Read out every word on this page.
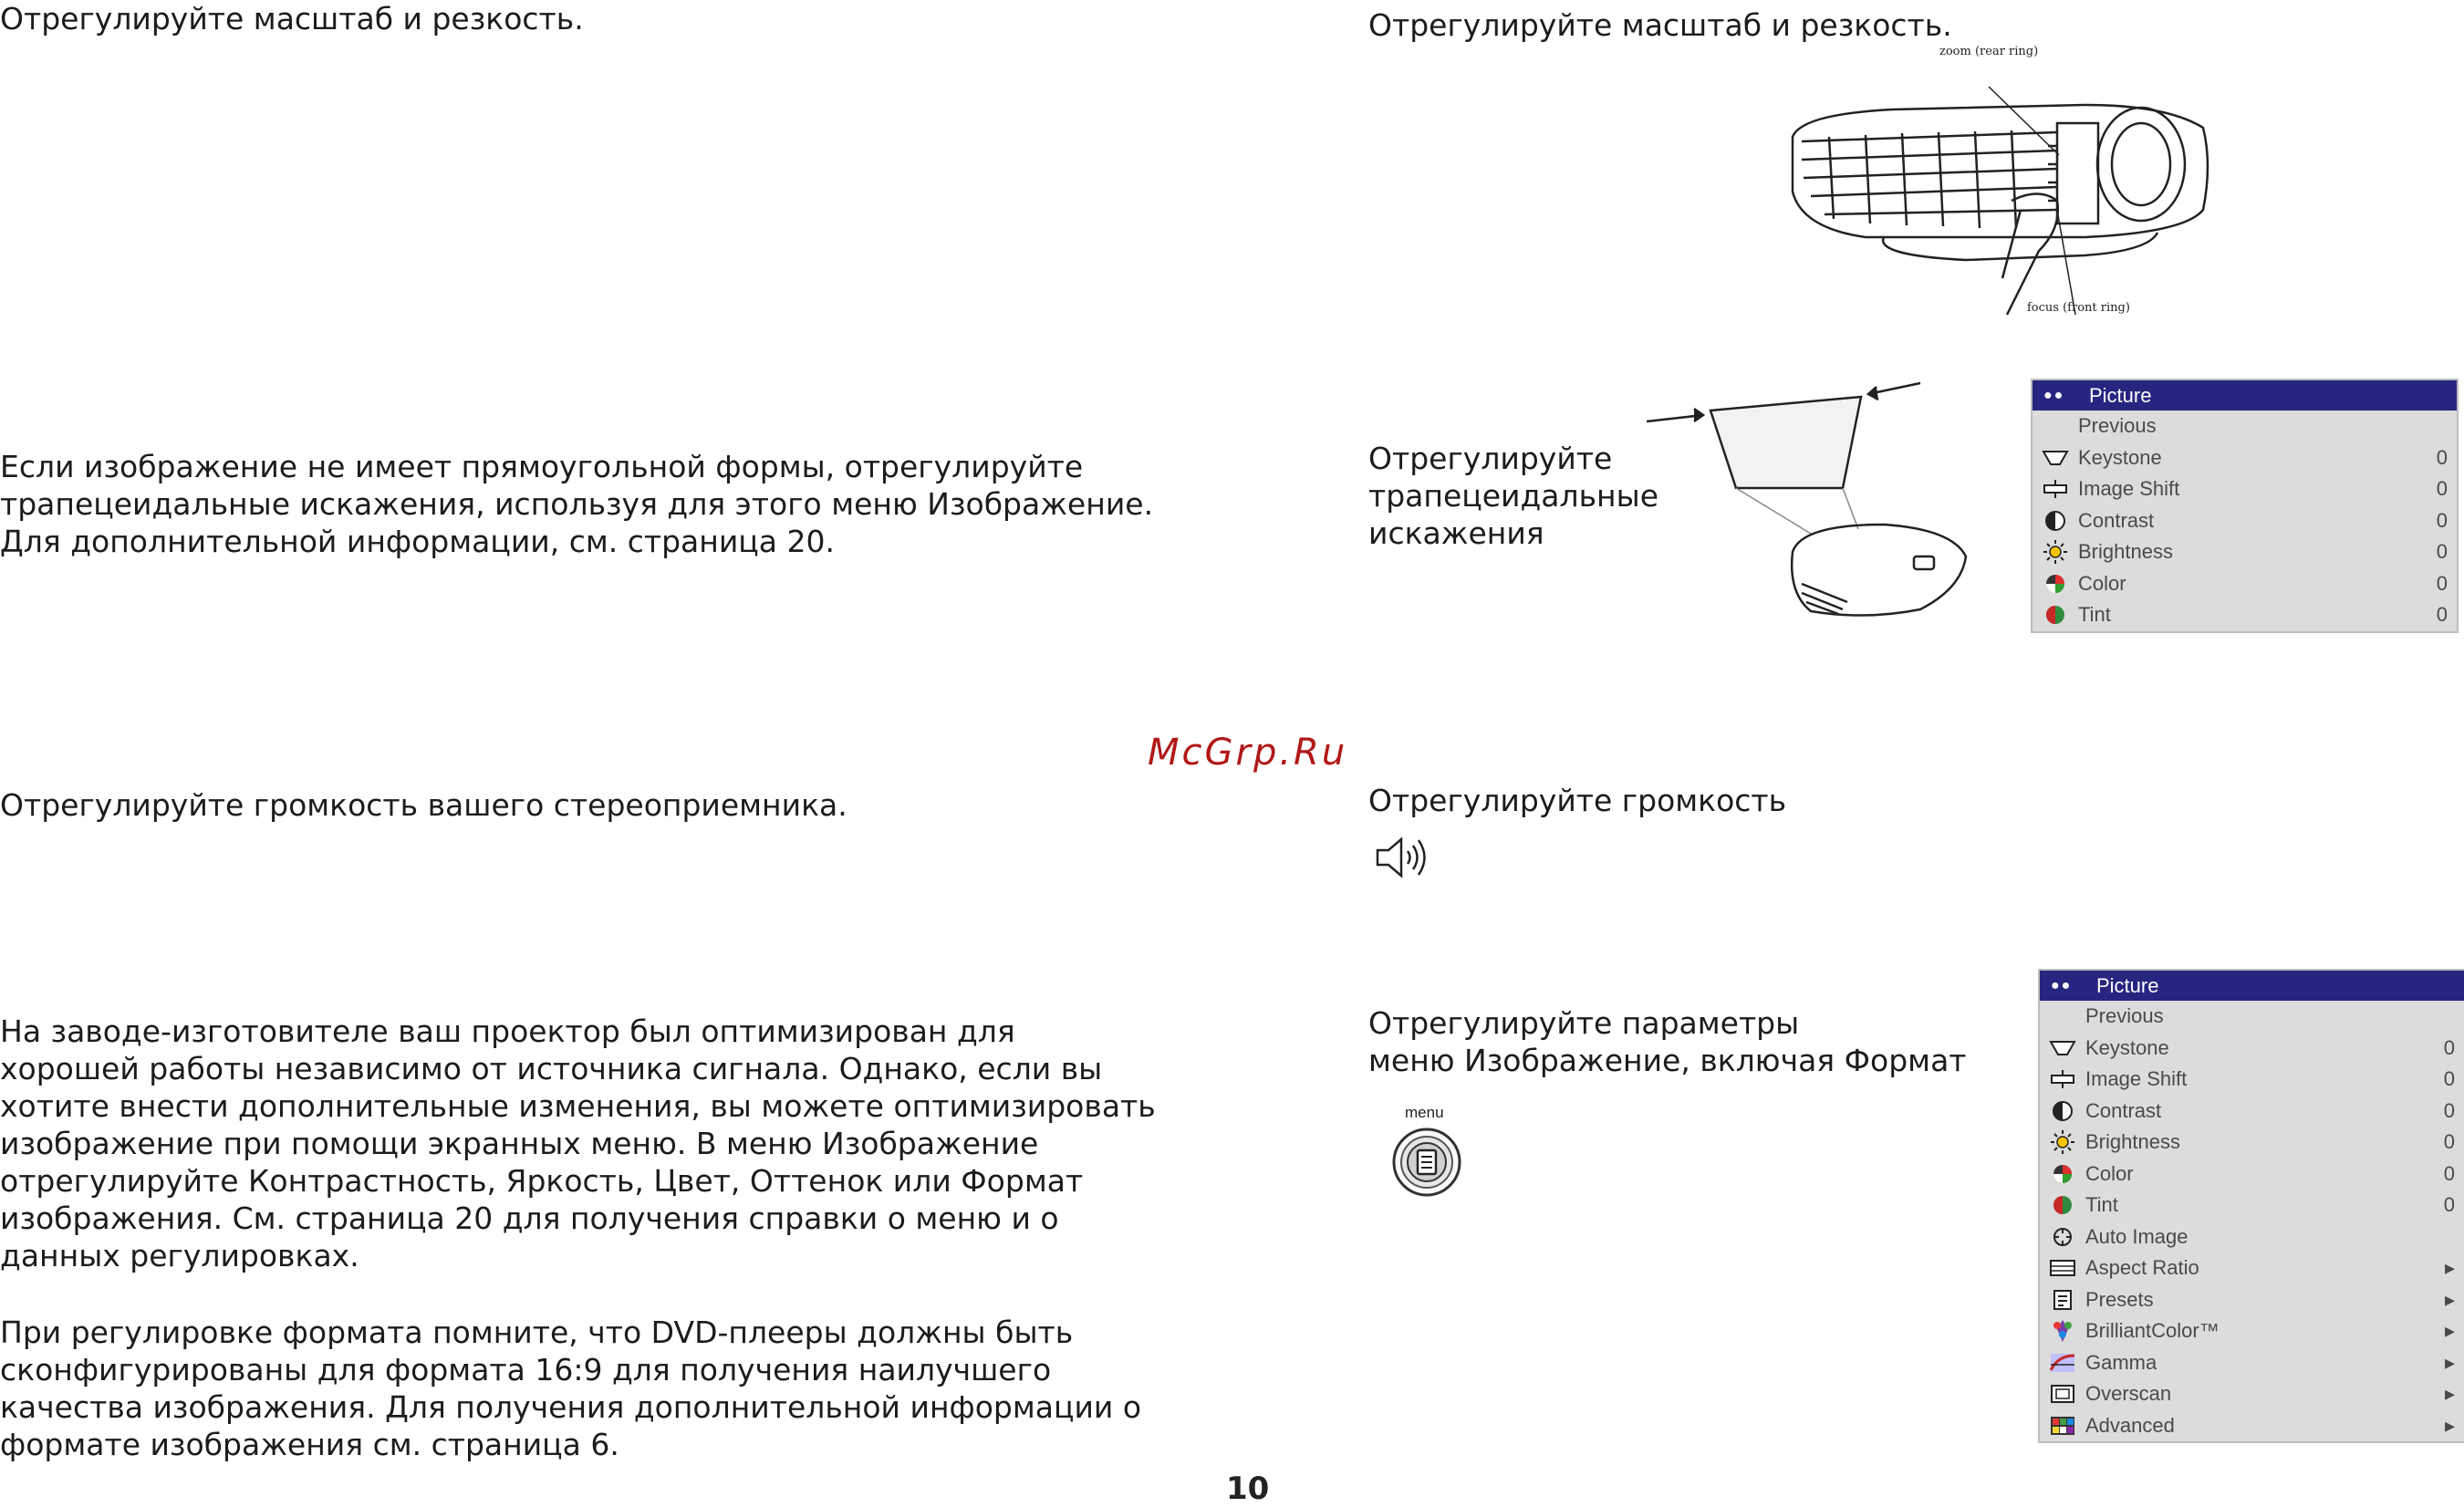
Отрегулируйте масштаб и резкость.
Если изображение не имеет прямоугольной формы, отрегулируйте
трапецеидальные искажения, используя для этого меню Изображение.
Для дополнительной информации, см. страница 20.
Отрегулируйте громкость вашего стереоприемника.
На заводе-изготовителе ваш проектор был оптимизирован для
хорошей работы независимо от источника сигнала. Однако, если вы
хотите внести дополнительные изменения, вы можете оптимизировать
изображение при помощи экранных меню. В меню Изображение
отрегулируйте Контрастность, Яркость, Цвет, Оттенок или Формат
изображения. См. страница 20 для получения справки о меню и о
данных регулировках.
При регулировке формата помните, что DVD-плееры должны быть
сконфигурированы для формата 16:9 для получения наилучшего
качества изображения. Для получения дополнительной информации о
формате изображения см. страница 6.
Отрегулируйте масштаб и резкость.
Отрегулируйте
трапецеидальные
искажения
Отрегулируйте громкость
Отрегулируйте параметры
меню Изображение, включая Формат
zoom (rear ring)
focus (front ring)
●●	Picture
Previous
Keystone	0
Image Shift	0
Contrast	0
Brightness	0
Color	0
Tint	0
menu
●●	Picture
Previous
Keystone	0
Image Shift	0
Contrast	0
Brightness	0
Color	0
Tint	0
Auto Image
Aspect Ratio	▸
Presets	▸
BrilliantColor™	▸
Gamma	▸
Overscan	▸
Advanced	▸
McGrp.Ru
10
